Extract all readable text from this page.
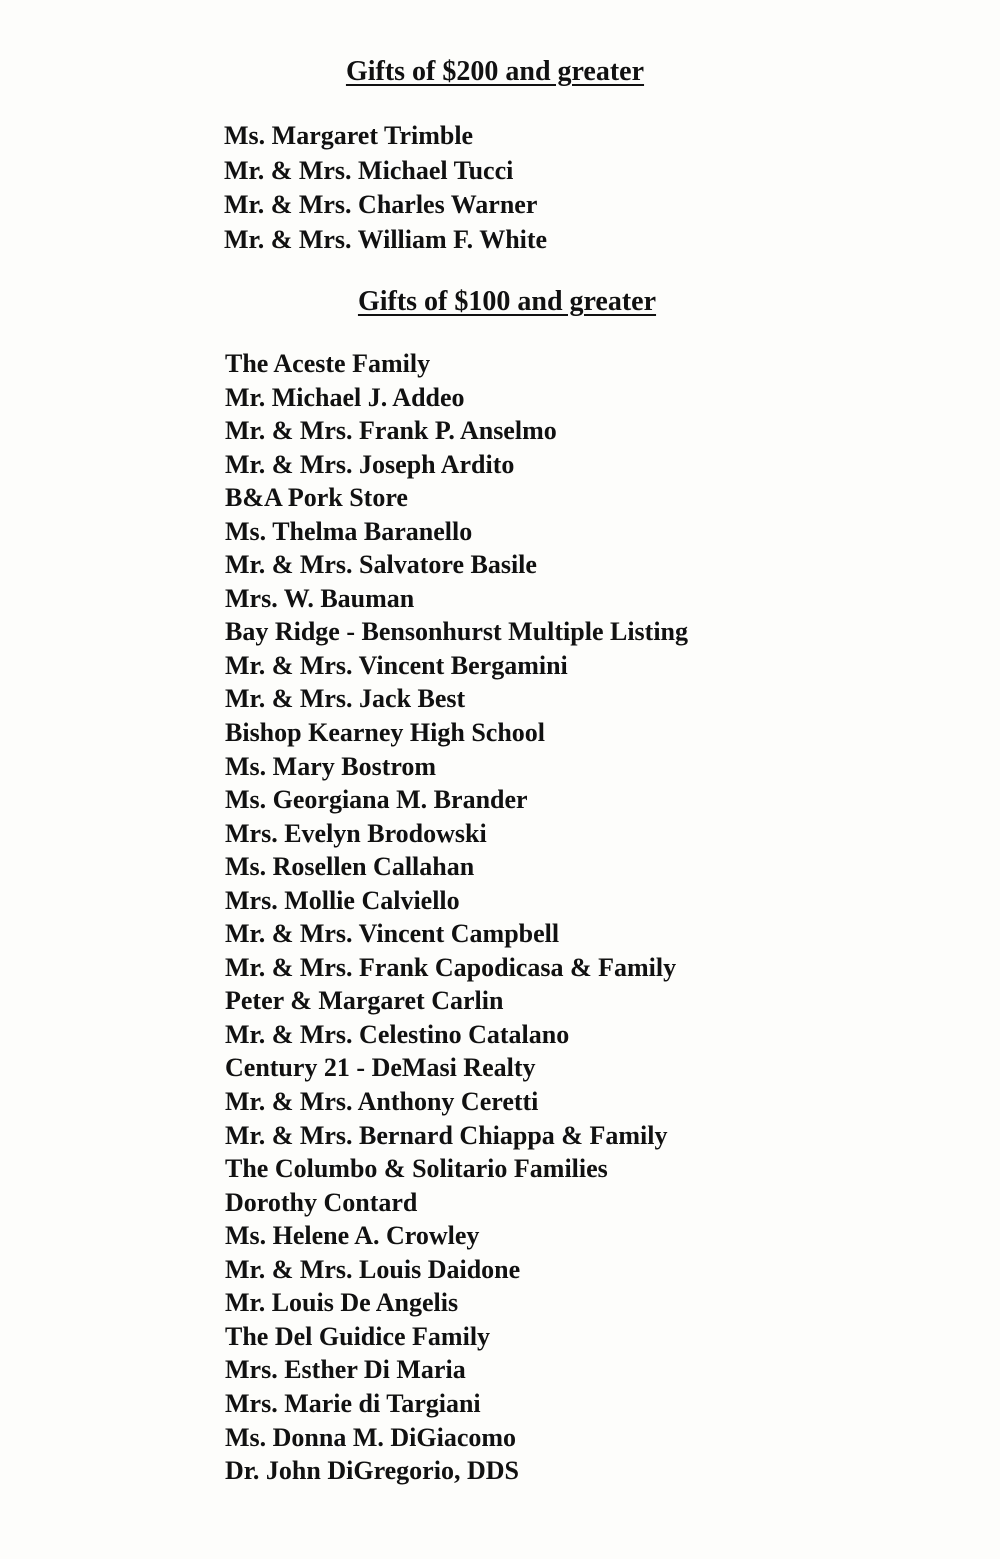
Gifts of $200 and greater
Ms. Margaret Trimble
Mr. & Mrs. Michael Tucci
Mr. & Mrs. Charles Warner
Mr. & Mrs. William F. White
Gifts of $100 and greater
The Aceste Family
Mr. Michael J. Addeo
Mr. & Mrs. Frank P. Anselmo
Mr. & Mrs. Joseph Ardito
B&A Pork Store
Ms. Thelma Baranello
Mr. & Mrs. Salvatore Basile
Mrs. W. Bauman
Bay Ridge - Bensonhurst Multiple Listing
Mr. & Mrs. Vincent Bergamini
Mr. & Mrs. Jack Best
Bishop Kearney High School
Ms. Mary Bostrom
Ms. Georgiana M. Brander
Mrs. Evelyn Brodowski
Ms. Rosellen Callahan
Mrs. Mollie Calviello
Mr. & Mrs. Vincent Campbell
Mr. & Mrs. Frank Capodicasa & Family
Peter & Margaret Carlin
Mr. & Mrs. Celestino Catalano
Century 21 - DeMasi Realty
Mr. & Mrs. Anthony Ceretti
Mr. & Mrs. Bernard Chiappa & Family
The Columbo & Solitario Families
Dorothy Contard
Ms. Helene A. Crowley
Mr. & Mrs. Louis Daidone
Mr. Louis De Angelis
The Del Guidice Family
Mrs. Esther Di Maria
Mrs. Marie di Targiani
Ms. Donna M. DiGiacomo
Dr. John DiGregorio, DDS
